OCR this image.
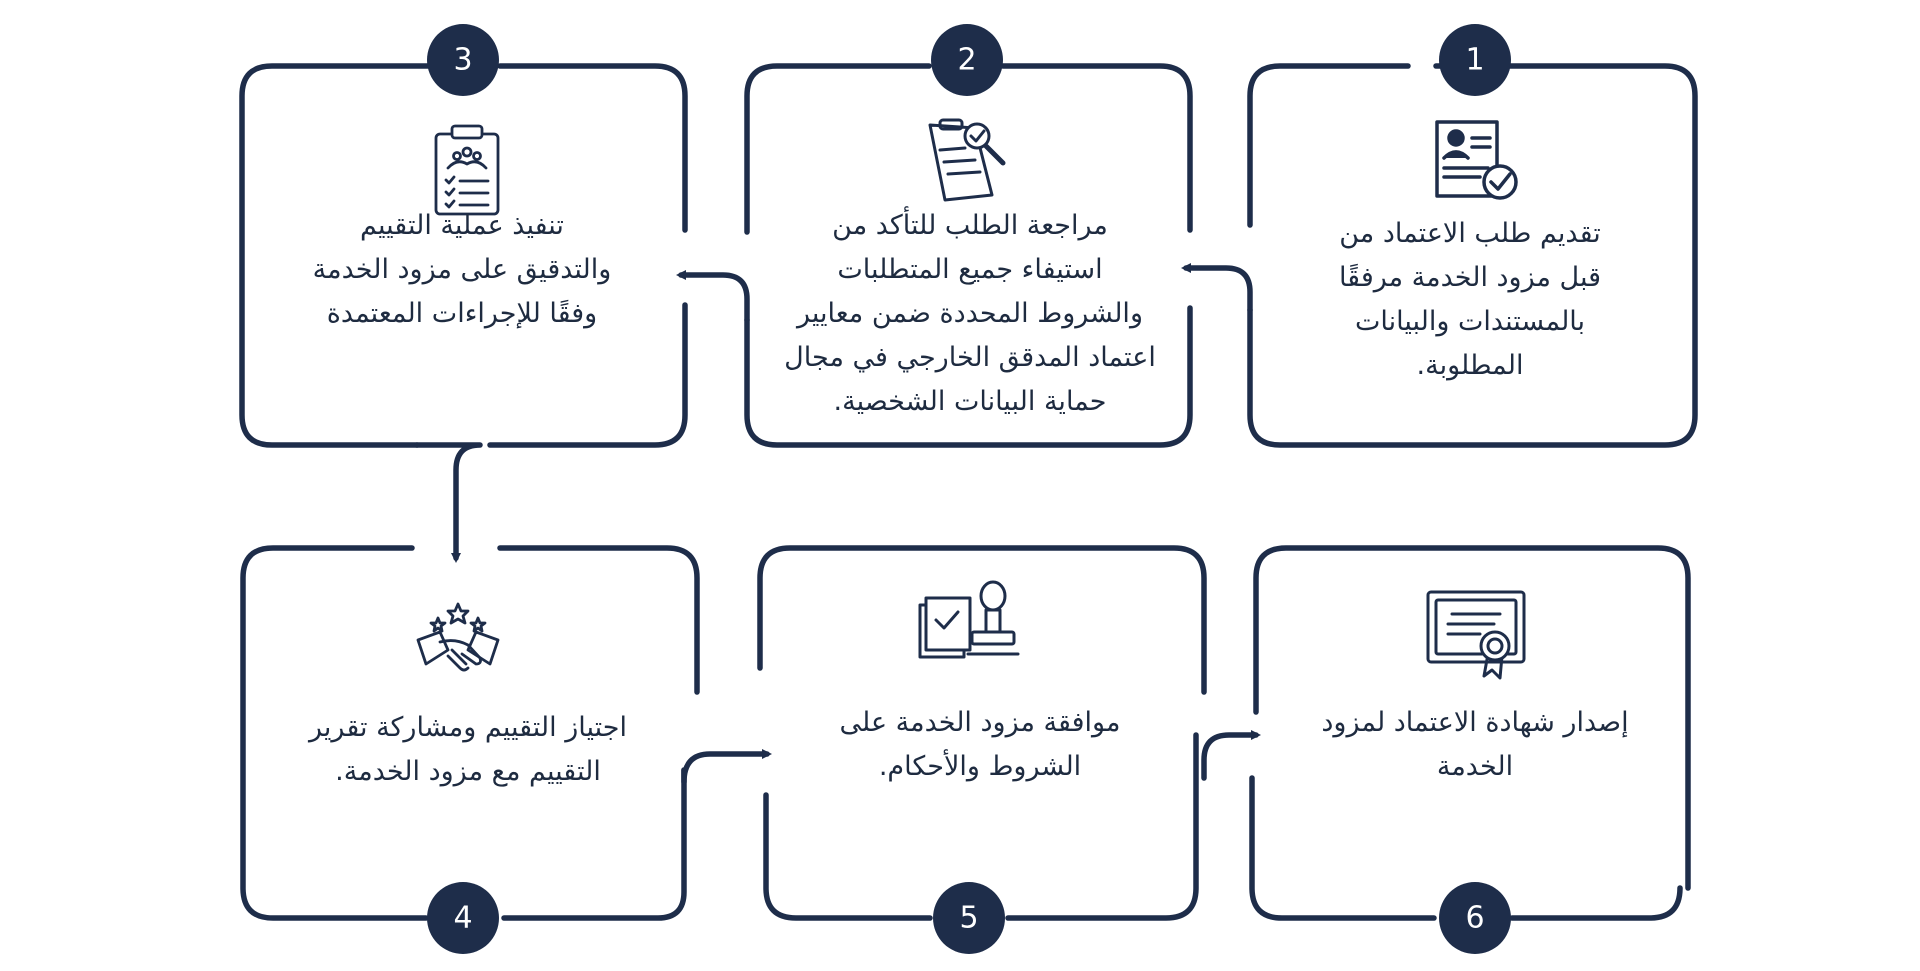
1
2
3
4	5	6
تقديم طلب الاعتماد من
قبل مزود الخدمة مرفقًا
بالمستندات والبيانات
المطلوبة.
مراجعة الطلب للتأكد من
استيفاء جميع المتطلبات
والشروط المحددة ضمن معايير
اعتماد المدقق الخارجي في مجال
حماية البيانات الشخصية.
تنفيذ عملية التقييم
والتدقيق على مزود الخدمة
وفقًا للإجراءات المعتمدة
اجتياز التقييم ومشاركة تقرير
التقييم مع مزود الخدمة.
موافقة مزود الخدمة على
الشروط والأحكام.
إصدار شهادة الاعتماد لمزود
الخدمة
